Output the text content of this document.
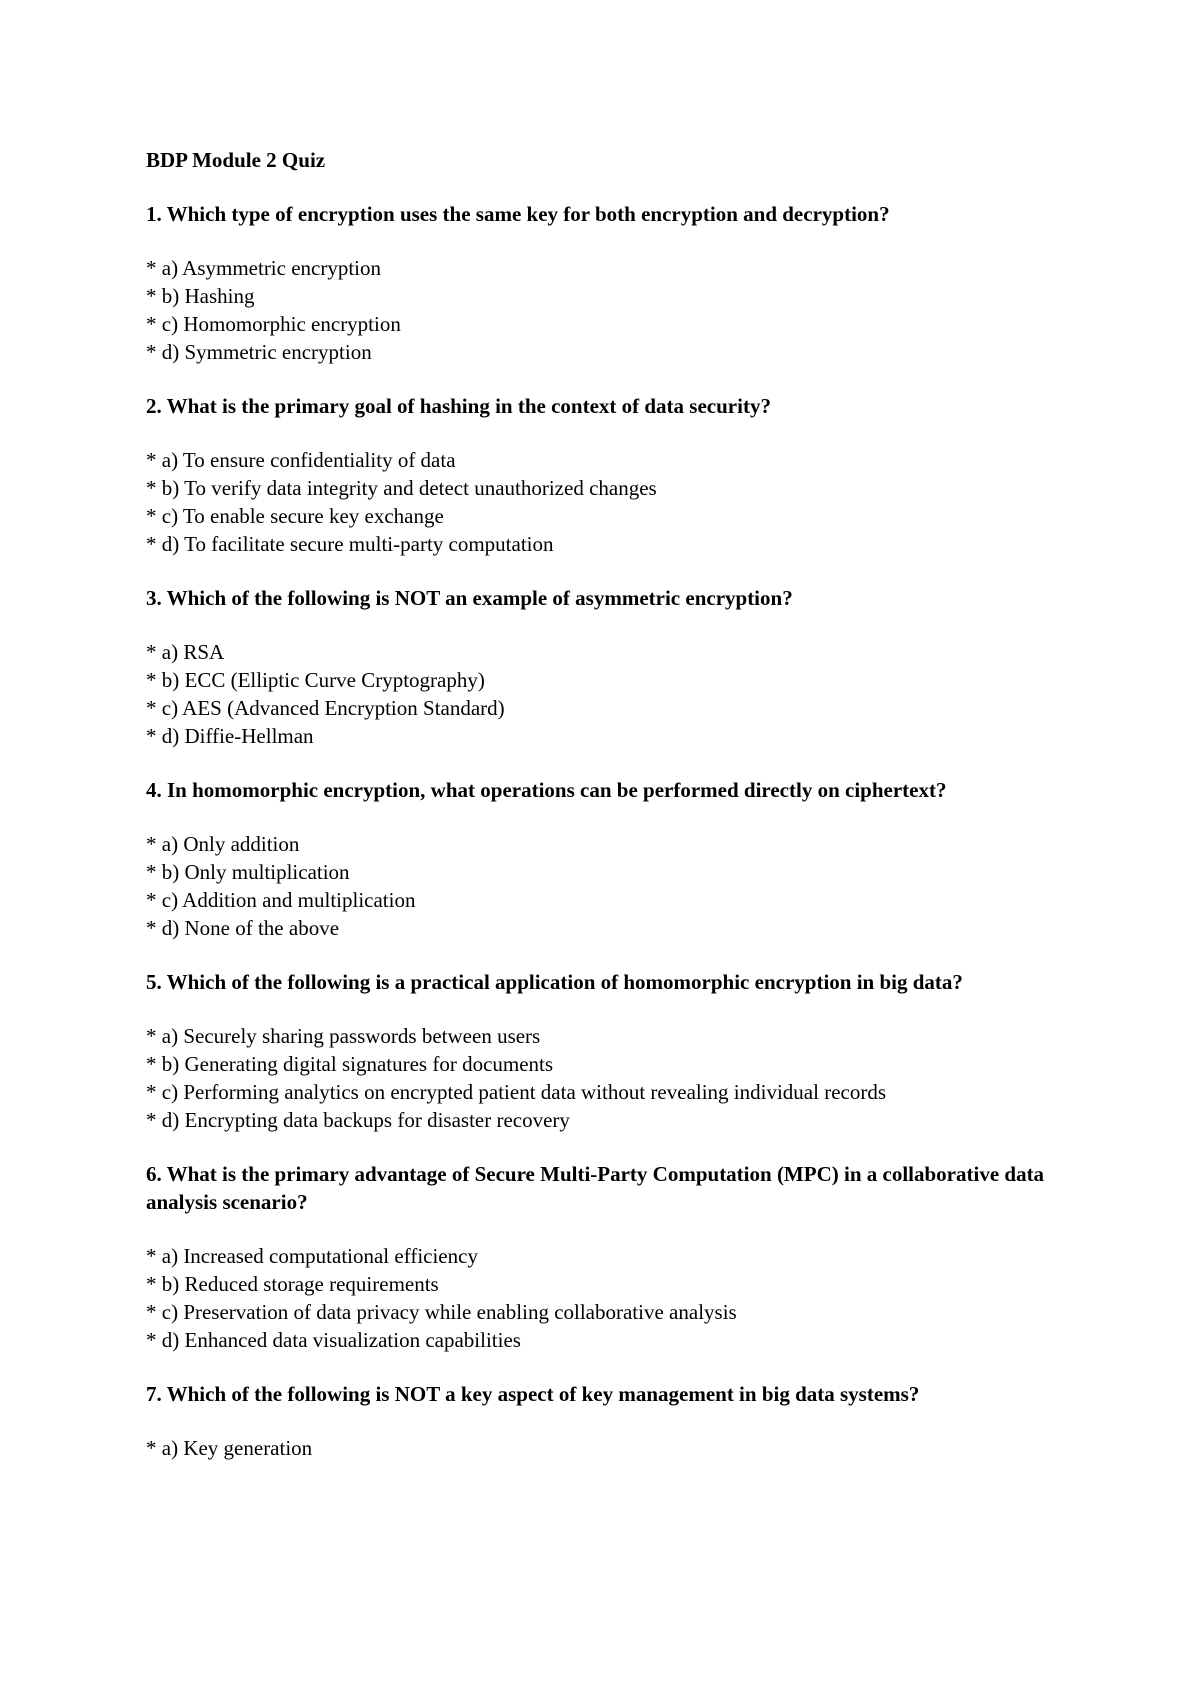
BDP Module 2 Quiz
1. Which type of encryption uses the same key for both encryption and decryption?
* a) Asymmetric encryption
* b) Hashing
* c) Homomorphic encryption
* d) Symmetric encryption
2. What is the primary goal of hashing in the context of data security?
* a) To ensure confidentiality of data
* b) To verify data integrity and detect unauthorized changes
* c) To enable secure key exchange
* d) To facilitate secure multi-party computation
3. Which of the following is NOT an example of asymmetric encryption?
* a) RSA
* b) ECC (Elliptic Curve Cryptography)
* c) AES (Advanced Encryption Standard)
* d) Diffie-Hellman
4. In homomorphic encryption, what operations can be performed directly on ciphertext?
* a) Only addition
* b) Only multiplication
* c) Addition and multiplication
* d) None of the above
5. Which of the following is a practical application of homomorphic encryption in big data?
* a) Securely sharing passwords between users
* b) Generating digital signatures for documents
* c) Performing analytics on encrypted patient data without revealing individual records
* d) Encrypting data backups for disaster recovery
6. What is the primary advantage of Secure Multi-Party Computation (MPC) in a collaborative data analysis scenario?
* a) Increased computational efficiency
* b) Reduced storage requirements
* c) Preservation of data privacy while enabling collaborative analysis
* d) Enhanced data visualization capabilities
7. Which of the following is NOT a key aspect of key management in big data systems?
* a) Key generation
